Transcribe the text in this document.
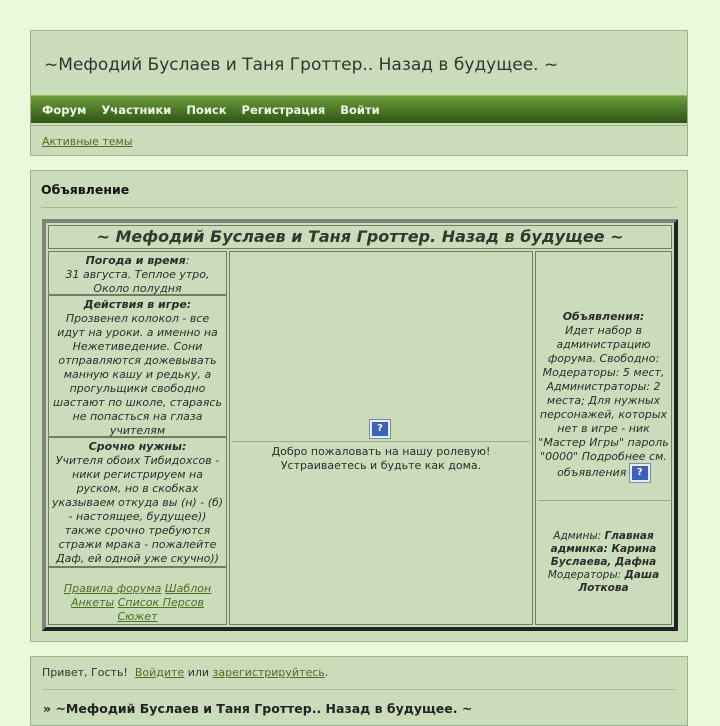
~Мефодий Буслаев и Таня Гроттер.. Назад в будущее. ~
Форум Участники Поиск Регистрация Войти
Активные темы
Объявление
~ Мефодий Буслаев и Таня Гроттер. Назад в будущее ~
Погода и время:
31 августа. Теплое утро, Около полудня
Действия в игре:
Прозвенел колокол - все идут на уроки. а именно на Нежетиведение. Сони отправляются дожевывать манную кашу и редьку, а прогульщики свободно шастают по школе, стараясь не попасться на глаза учителям
Срочно нужны:
Учителя обоих Тибидохсов - ники регистрируем на руском, но в скобках указываем откуда вы (н) - (б) - настоящее, будущее)) также срочно требуются стражи мрака - пожалейте Даф, ей одной уже скучно))
Правила форума Шаблон Анкеты Список Персов Сюжет
?
Добро пожаловать на нашу ролевую! Устраиваетесь и будьте как дома.
Объявления:
Идет набор в администрацию форума. Свободно: Модераторы: 5 мест, Администраторы: 2 места; Для нужных персонажей, которых нет в игре - ник "Мастер Игры" пароль "0000" Подробнее см. объявления ?
Админы: Главная админка: Карина Буслаева, Дафна
Модераторы: Даша Лоткова
Привет, Гость! Войдите или зарегистрируйтесь.
» ~Мефодий Буслаев и Таня Гроттер.. Назад в будущее. ~
